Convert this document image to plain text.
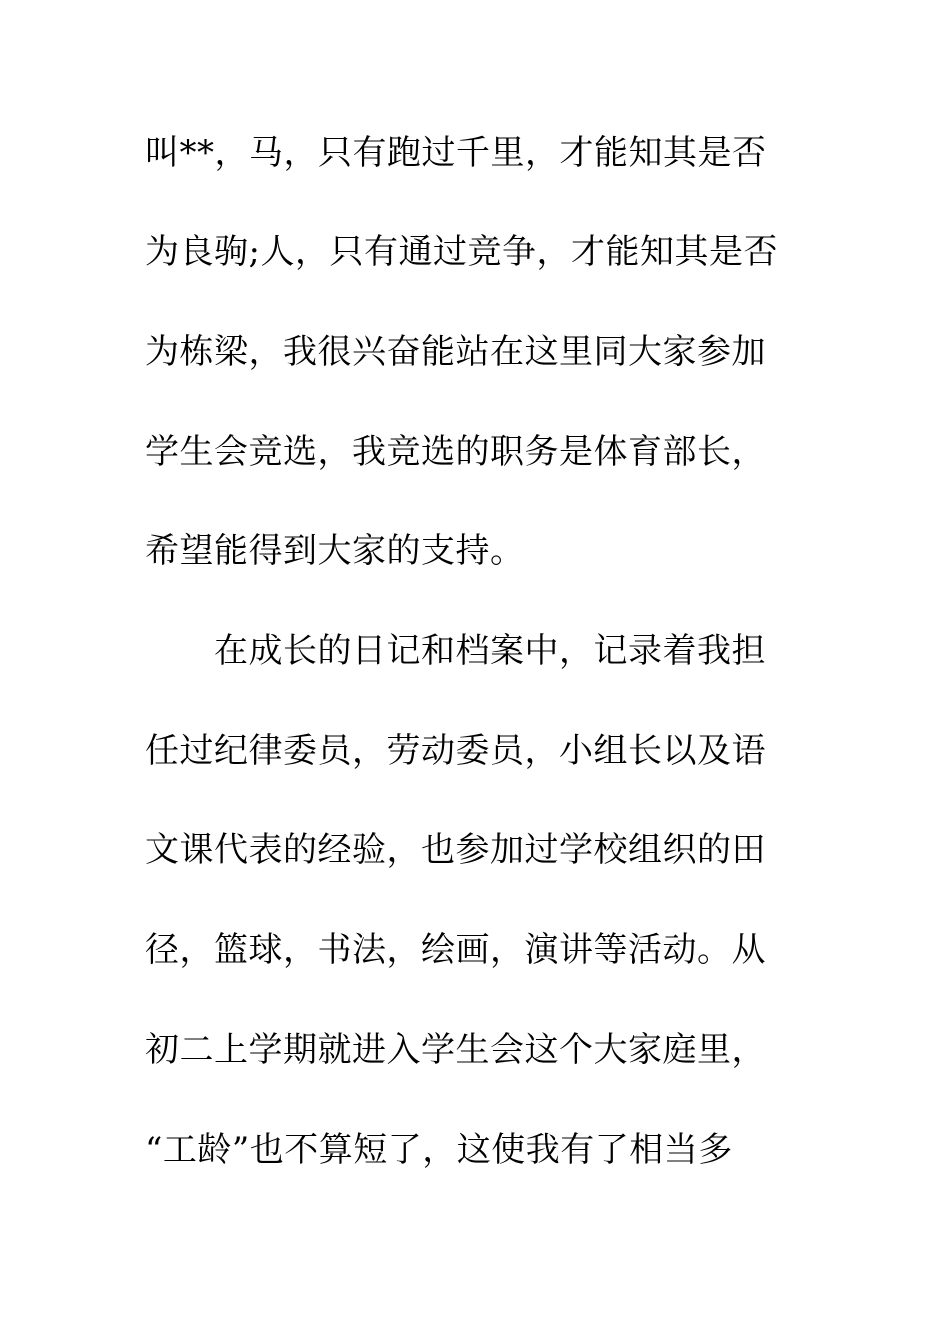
叫**，马，只有跑过千里，才能知其是否
为良驹;人，只有通过竞争，才能知其是否
为栋梁，我很兴奋能站在这里同大家参加
学生会竞选，我竞选的职务是体育部长，
希望能得到大家的支持。
　　在成长的日记和档案中，记录着我担
任过纪律委员，劳动委员，小组长以及语
文课代表的经验，也参加过学校组织的田
径，篮球，书法，绘画，演讲等活动。从
初二上学期就进入学生会这个大家庭里，
“工龄”也不算短了，这使我有了相当多
